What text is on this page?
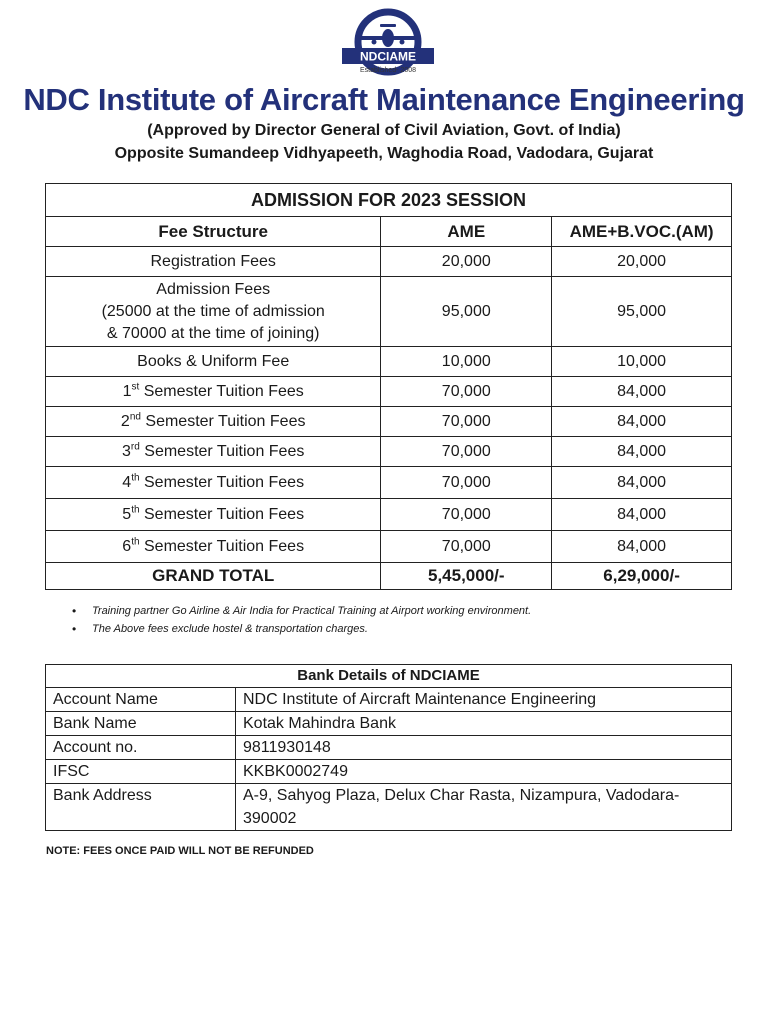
NDCIAME
Established- 2008
NDC Institute of Aircraft Maintenance Engineering
(Approved by Director General of Civil Aviation, Govt. of India)
Opposite Sumandeep Vidhyapeeth, Waghodia Road, Vadodara, Gujarat
ADMISSION FOR 2023 SESSION		
Fee Structure	AME	AME+B.VOC.(AM)
Registration Fees	20,000	20,000

Admission Fees
(25000 at the time of admission
& 70000 at the time of joining)	95,000	95,000
Books & Uniform Fee	10,000	10,000
1st Semester Tuition Fees	70,000	84,000
2nd Semester Tuition Fees	70,000	84,000
3rd Semester Tuition Fees	70,000	84,000
4th Semester Tuition Fees	70,000	84,000
5th Semester Tuition Fees	70,000	84,000
6th Semester Tuition Fees	70,000	84,000
GRAND TOTAL	5,45,000/-	6,29,000/-
• Training partner Go Airline & Air India for Practical Training at Airport working environment.
• The Above fees exclude hostel & transportation charges.
Bank Details of NDCIAME	
Account Name	NDC Institute of Aircraft Maintenance Engineering
Bank Name	Kotak Mahindra Bank
Account no.	9811930148
IFSC	KKBK0002749
Bank Address	A-9, Sahyog Plaza, Delux Char Rasta, Nizampura, Vadodara-390002
NOTE: FEES ONCE PAID WILL NOT BE REFUNDED
